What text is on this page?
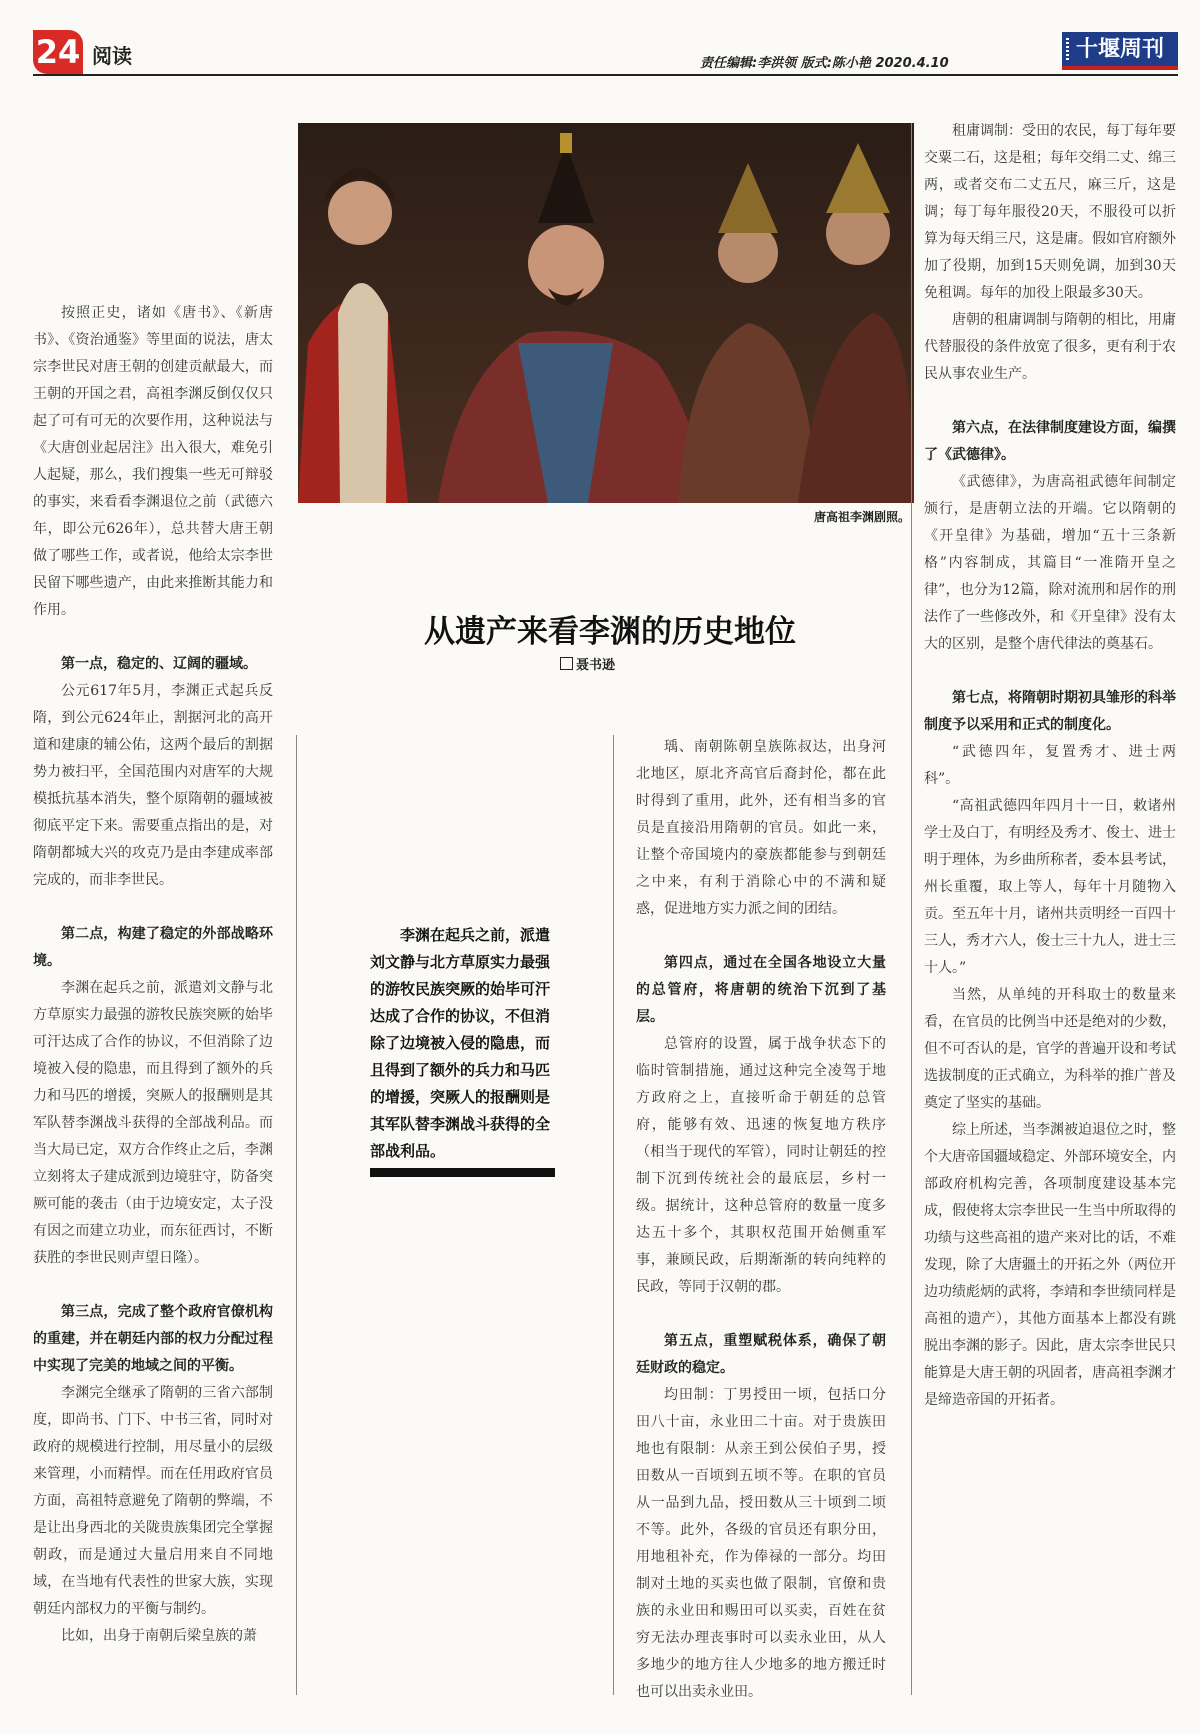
24 阅读	责任编辑:李洪领 版式:陈小艳 2020.4.10
十堰周刊
唐高祖李渊剧照。
从遗产来看李渊的历史地位
聂书逊

按照正史，诸如《唐书》、《新唐书》、《资治通鉴》等里面的说法，唐太宗李世民对唐王朝的创建贡献最大，而王朝的开国之君，高祖李渊反倒仅仅只起了可有可无的次要作用，这种说法与《大唐创业起居注》出入很大，难免引人起疑，那么，我们搜集一些无可辩驳的事实，来看看李渊退位之前（武德六年，即公元626年），总共替大唐王朝做了哪些工作，或者说，他给太宗李世民留下哪些遗产，由此来推断其能力和作用。

第一点，稳定的、辽阔的疆域。

公元617年5月，李渊正式起兵反隋，到公元624年止，割据河北的高开道和建康的辅公佑，这两个最后的割据势力被扫平，全国范围内对唐军的大规模抵抗基本消失，整个原隋朝的疆域被彻底平定下来。需要重点指出的是，对隋朝都城大兴的攻克乃是由李建成率部完成的，而非李世民。

第二点，构建了稳定的外部战略环境。

李渊在起兵之前，派遣刘文静与北方草原实力最强的游牧民族突厥的始毕可汗达成了合作的协议，不但消除了边境被入侵的隐患，而且得到了额外的兵力和马匹的增援，突厥人的报酬则是其军队替李渊战斗获得的全部战利品。而当大局已定，双方合作终止之后，李渊立刻将太子建成派到边境驻守，防备突厥可能的袭击（由于边境安定，太子没有因之而建立功业，而东征西讨，不断获胜的李世民则声望日隆）。

第三点，完成了整个政府官僚机构的重建，并在朝廷内部的权力分配过程中实现了完美的地域之间的平衡。

李渊完全继承了隋朝的三省六部制度，即尚书、门下、中书三省，同时对政府的规模进行控制，用尽量小的层级来管理，小而精悍。而在任用政府官员方面，高祖特意避免了隋朝的弊端，不是让出身西北的关陇贵族集团完全掌握朝政，而是通过大量启用来自不同地域，在当地有代表性的世家大族，实现朝廷内部权力的平衡与制约。

比如，出身于南朝后梁皇族的萧

瑀、南朝陈朝皇族陈叔达，出身河北地区，原北齐高官后裔封伦，都在此时得到了重用，此外，还有相当多的官员是直接沿用隋朝的官员。如此一来，让整个帝国境内的豪族都能参与到朝廷之中来，有利于消除心中的不满和疑惑，促进地方实力派之间的团结。

第四点，通过在全国各地设立大量的总管府，将唐朝的统治下沉到了基层。

总管府的设置，属于战争状态下的临时管制措施，通过这种完全凌驾于地方政府之上，直接听命于朝廷的总管府，能够有效、迅速的恢复地方秩序（相当于现代的军管），同时让朝廷的控制下沉到传统社会的最底层，乡村一级。据统计，这种总管府的数量一度多达五十多个，其职权范围开始侧重军事，兼顾民政，后期渐渐的转向纯粹的民政，等同于汉朝的郡。

第五点，重塑赋税体系，确保了朝廷财政的稳定。

均田制：丁男授田一顷，包括口分田八十亩，永业田二十亩。对于贵族田地也有限制：从亲王到公侯伯子男，授田数从一百顷到五顷不等。在职的官员从一品到九品，授田数从三十顷到二顷不等。此外，各级的官员还有职分田，用地租补充，作为俸禄的一部分。均田制对土地的买卖也做了限制，官僚和贵族的永业田和赐田可以买卖，百姓在贫穷无法办理丧事时可以卖永业田，从人多地少的地方往人少地多的地方搬迁时也可以出卖永业田。

租庸调制：受田的农民，每丁每年要交粟二石，这是租；每年交绢二丈、绵三两，或者交布二丈五尺，麻三斤，这是调；每丁每年服役20天，不服役可以折算为每天绢三尺，这是庸。假如官府额外加了役期，加到15天则免调，加到30天免租调。每年的加役上限最多30天。

唐朝的租庸调制与隋朝的相比，用庸代替服役的条件放宽了很多，更有利于农民从事农业生产。

第六点，在法律制度建设方面，编撰了《武德律》。

《武德律》，为唐高祖武德年间制定颁行，是唐朝立法的开端。它以隋朝的《开皇律》为基础，增加“五十三条新格”内容制成，其篇目“一准隋开皇之律”，也分为12篇，除对流刑和居作的刑法作了一些修改外，和《开皇律》没有太大的区别，是整个唐代律法的奠基石。

第七点，将隋朝时期初具雏形的科举制度予以采用和正式的制度化。

“武德四年，复置秀才、进士两科”。

“高祖武德四年四月十一日，敕诸州学士及白丁，有明经及秀才、俊士、进士明于理体，为乡曲所称者，委本县考试，州长重覆，取上等人，每年十月随物入贡。至五年十月，诸州共贡明经一百四十三人，秀才六人，俊士三十九人，进士三十人。”

当然，从单纯的开科取士的数量来看，在官员的比例当中还是绝对的少数，但不可否认的是，官学的普遍开设和考试选拔制度的正式确立，为科举的推广普及奠定了坚实的基础。

综上所述，当李渊被迫退位之时，整个大唐帝国疆域稳定、外部环境安全，内部政府机构完善，各项制度建设基本完成，假使将太宗李世民一生当中所取得的功绩与这些高祖的遗产来对比的话，不难发现，除了大唐疆土的开拓之外（两位开边功绩彪炳的武将，李靖和李世绩同样是高祖的遗产），其他方面基本上都没有跳脱出李渊的影子。因此，唐太宗李世民只能算是大唐王朝的巩固者，唐高祖李渊才是缔造帝国的开拓者。

李渊在起兵之前，派遣刘文静与北方草原实力最强的游牧民族突厥的始毕可汗达成了合作的协议，不但消除了边境被入侵的隐患，而且得到了额外的兵力和马匹的增援，突厥人的报酬则是其军队替李渊战斗获得的全部战利品。
